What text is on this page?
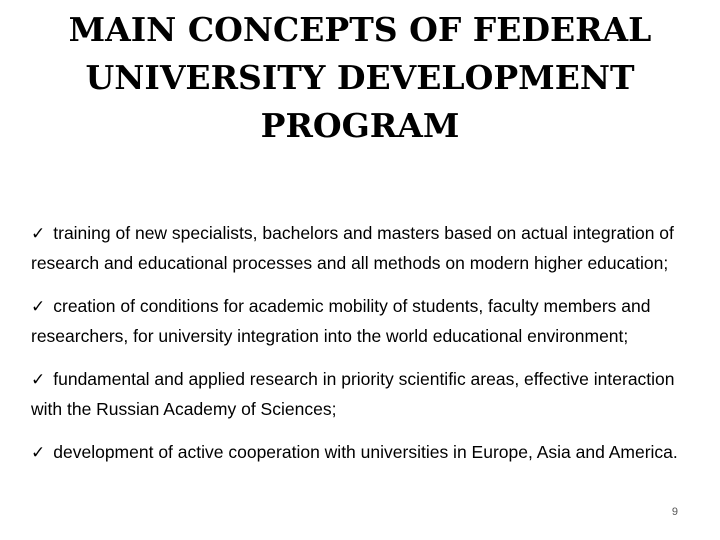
MAIN CONCEPTS OF FEDERAL
UNIVERSITY DEVELOPMENT
PROGRAM
✓ training of new specialists, bachelors and masters based on actual integration of research and educational processes and all methods on modern higher education;
✓ creation of conditions for academic mobility of students, faculty members and researchers, for university integration into the world educational environment;
✓ fundamental and applied research in priority scientific areas, effective interaction with the Russian Academy of Sciences;
✓ development of active cooperation with universities in Europe, Asia and America.
9
